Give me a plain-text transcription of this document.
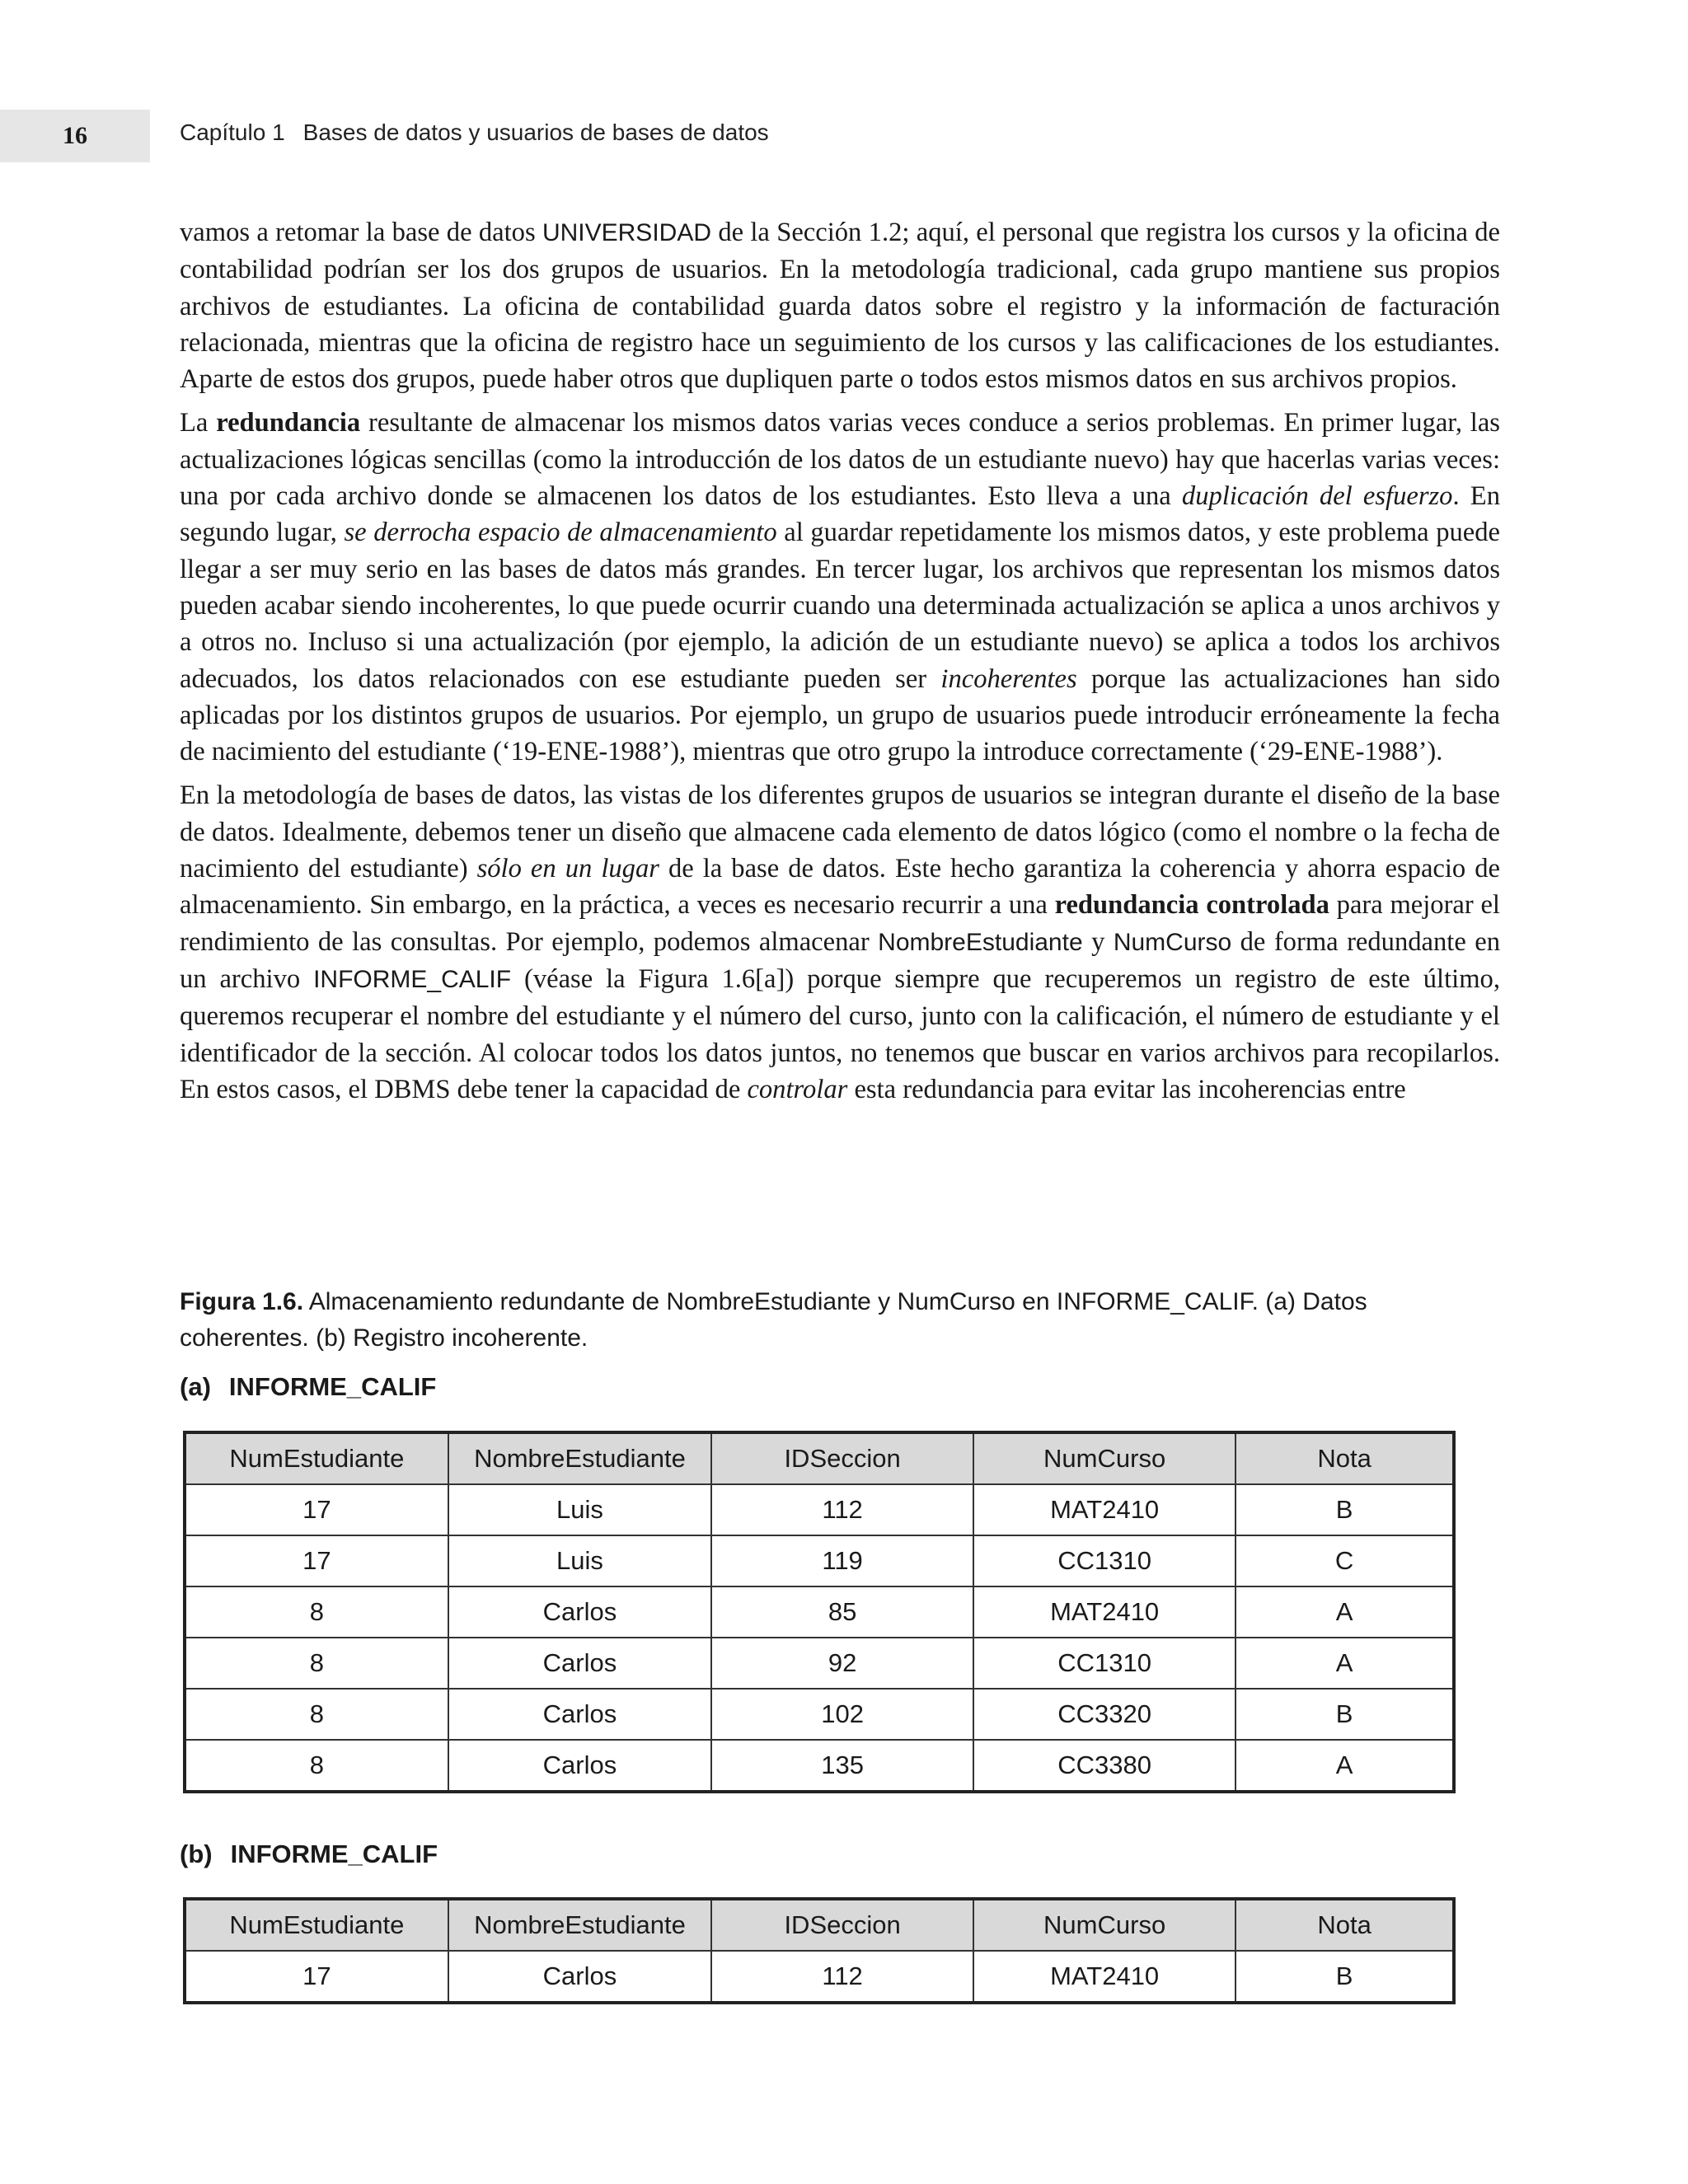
16	Capítulo 1 Bases de datos y usuarios de bases de datos

vamos a retomar la base de datos UNIVERSIDAD de la Sección 1.2; aquí, el personal que registra los cursos y la oficina de contabilidad podrían ser los dos grupos de usuarios. En la metodología tradicional, cada grupo mantiene sus propios archivos de estudiantes. La oficina de contabilidad guarda datos sobre el registro y la información de facturación relacionada, mientras que la oficina de registro hace un seguimiento de los cursos y las calificaciones de los estudiantes. Aparte de estos dos grupos, puede haber otros que dupliquen parte o todos estos mismos datos en sus archivos propios.

La redundancia resultante de almacenar los mismos datos varias veces conduce a serios problemas. En primer lugar, las actualizaciones lógicas sencillas (como la introducción de los datos de un estudiante nuevo) hay que hacerlas varias veces: una por cada archivo donde se almacenen los datos de los estudiantes. Esto lleva a una duplicación del esfuerzo. En segundo lugar, se derrocha espacio de almacenamiento al guardar repetidamente los mismos datos, y este problema puede llegar a ser muy serio en las bases de datos más grandes. En tercer lugar, los archivos que representan los mismos datos pueden acabar siendo incoherentes, lo que puede ocurrir cuando una determinada actualización se aplica a unos archivos y a otros no. Incluso si una actualización (por ejemplo, la adición de un estudiante nuevo) se aplica a todos los archivos adecuados, los datos relacionados con ese estudiante pueden ser incoherentes porque las actualizaciones han sido aplicadas por los distintos grupos de usuarios. Por ejemplo, un grupo de usuarios puede introducir erróneamente la fecha de nacimiento del estudiante (‘19-ENE-1988’), mientras que otro grupo la introduce correctamente (‘29-ENE-1988’).

En la metodología de bases de datos, las vistas de los diferentes grupos de usuarios se integran durante el diseño de la base de datos. Idealmente, debemos tener un diseño que almacene cada elemento de datos lógico (como el nombre o la fecha de nacimiento del estudiante) sólo en un lugar de la base de datos. Este hecho garantiza la coherencia y ahorra espacio de almacenamiento. Sin embargo, en la práctica, a veces es necesario recurrir a una redundancia controlada para mejorar el rendimiento de las consultas. Por ejemplo, podemos almacenar NombreEstudiante y NumCurso de forma redundante en un archivo INFORME_CALIF (véase la Figura 1.6[a]) porque siempre que recuperemos un registro de este último, queremos recuperar el nombre del estudiante y el número del curso, junto con la calificación, el número de estudiante y el identificador de la sección. Al colocar todos los datos juntos, no tenemos que buscar en varios archivos para recopilarlos. En estos casos, el DBMS debe tener la capacidad de controlar esta redundancia para evitar las incoherencias entre

Figura 1.6. Almacenamiento redundante de NombreEstudiante y NumCurso en INFORME_CALIF. (a) Datos coherentes. (b) Registro incoherente.
(a) INFORME_CALIF
NumEstudiante	NombreEstudiante	IDSeccion	NumCurso	Nota
17	Luis	112	MAT2410	B
17	Luis	119	CC1310	C
8	Carlos	85	MAT2410	A
8	Carlos	92	CC1310	A
8	Carlos	102	CC3320	B
8	Carlos	135	CC3380	A
(b) INFORME_CALIF
NumEstudiante	NombreEstudiante	IDSeccion	NumCurso	Nota
17	Carlos	112	MAT2410	B
